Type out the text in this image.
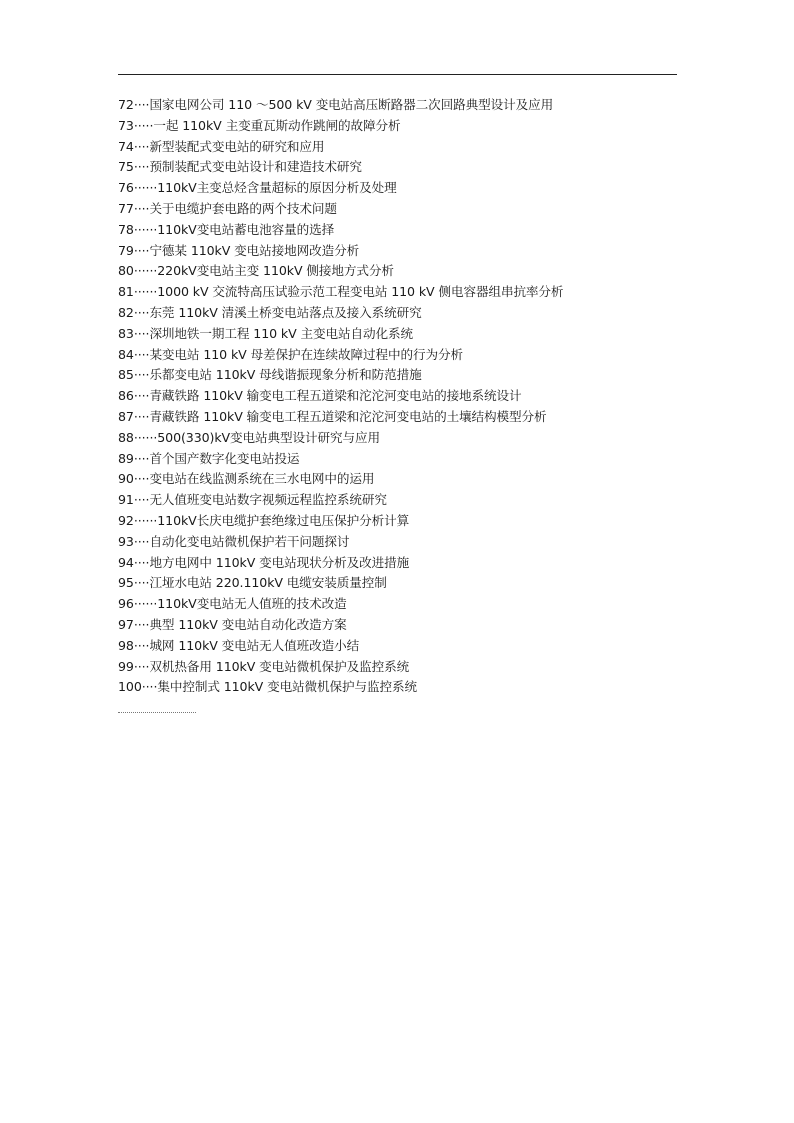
72····国家电网公司 110 ～500 kV 变电站高压断路器二次回路典型设计及应用
73·····一起 110kV 主变重瓦斯动作跳闸的故障分析
74····新型装配式变电站的研究和应用
75····预制装配式变电站设计和建造技术研究
76······110kV主变总烃含量超标的原因分析及处理
77····关于电缆护套电路的两个技术问题
78······110kV变电站蓄电池容量的选择
79····宁德某 110kV 变电站接地网改造分析
80······220kV变电站主变 110kV 侧接地方式分析
81······1000 kV 交流特高压试验示范工程变电站 110 kV 侧电容器组串抗率分析
82····东莞 110kV 清溪土桥变电站落点及接入系统研究
83····深圳地铁一期工程 110 kV 主变电站自动化系统
84····某变电站 110 kV 母差保护在连续故障过程中的行为分析
85····乐都变电站 110kV 母线谐振现象分析和防范措施
86····青藏铁路 110kV 输变电工程五道梁和沱沱河变电站的接地系统设计
87····青藏铁路 110kV 输变电工程五道梁和沱沱河变电站的土壤结构模型分析
88······500(330)kV变电站典型设计研究与应用
89····首个国产数字化变电站投运
90····变电站在线监测系统在三水电网中的运用
91····无人值班变电站数字视频远程监控系统研究
92······110kV长庆电缆护套绝缘过电压保护分析计算
93····自动化变电站微机保护若干问题探讨
94····地方电网中 110kV 变电站现状分析及改进措施
95····江垭水电站 220.110kV 电缆安装质量控制
96······110kV变电站无人值班的技术改造
97····典型 110kV 变电站自动化改造方案
98····城网 110kV 变电站无人值班改造小结
99····双机热备用 110kV 变电站微机保护及监控系统
100····集中控制式 110kV 变电站微机保护与监控系统
